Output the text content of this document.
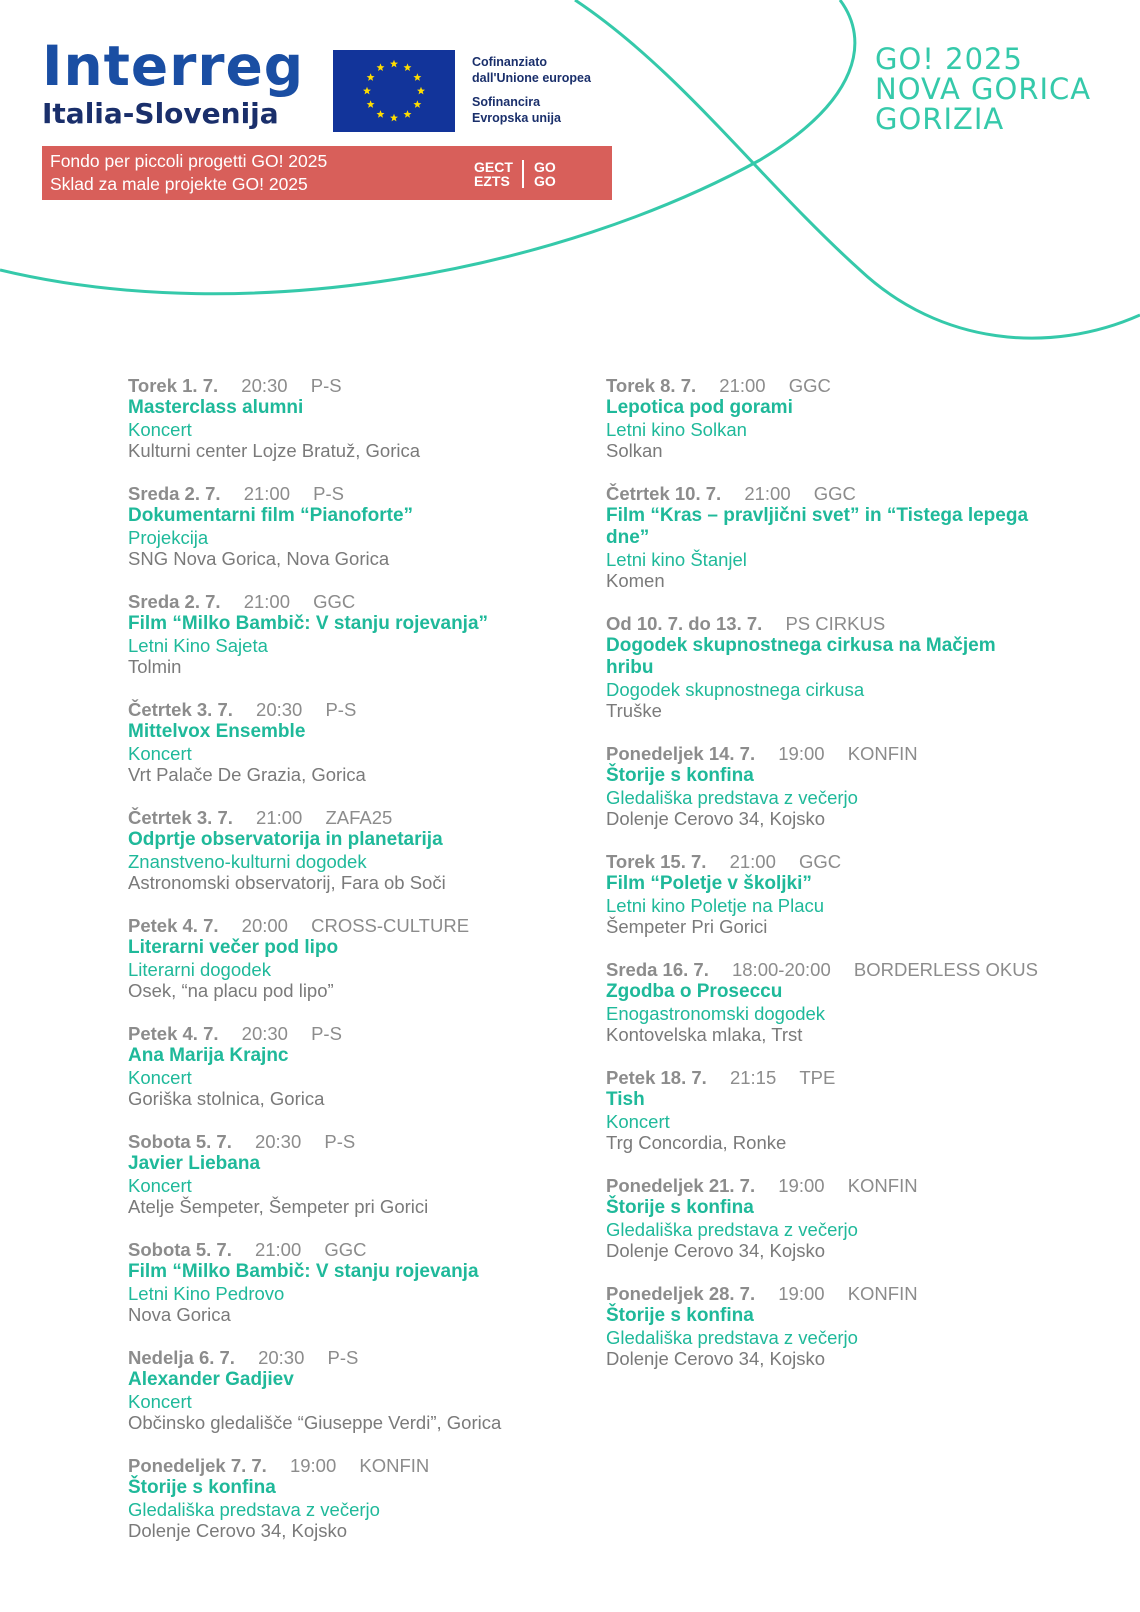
Interreg
Italia-Slovenija
Cofinanziato
dall'Unione europea
Sofinancira
Evropska unija
Fondo per piccoli progetti GO! 2025
Sklad za male projekte GO! 2025
GECT
EZTS
GO
GO
GO! 2025
NOVA GORICA
GORIZIA
Torek 1. 7. 20:30 P-S
Masterclass alumni
Koncert
Kulturni center Lojze Bratuž, Gorica
Sreda 2. 7. 21:00 P-S
Dokumentarni film “Pianoforte”
Projekcija
SNG Nova Gorica, Nova Gorica
Sreda 2. 7. 21:00 GGC
Film “Milko Bambič: V stanju rojevanja”
Letni Kino Sajeta
Tolmin
Četrtek 3. 7. 20:30 P-S
Mittelvox Ensemble
Koncert
Vrt Palače De Grazia, Gorica
Četrtek 3. 7. 21:00 ZAFA25
Odprtje observatorija in planetarija
Znanstveno-kulturni dogodek
Astronomski observatorij, Fara ob Soči
Petek 4. 7. 20:00 CROSS-CULTURE
Literarni večer pod lipo
Literarni dogodek
Osek, “na placu pod lipo”
Petek 4. 7. 20:30 P-S
Ana Marija Krajnc
Koncert
Goriška stolnica, Gorica
Sobota 5. 7. 20:30 P-S
Javier Liebana
Koncert
Atelje Šempeter, Šempeter pri Gorici
Sobota 5. 7. 21:00 GGC
Film “Milko Bambič: V stanju rojevanja
Letni Kino Pedrovo
Nova Gorica
Nedelja 6. 7. 20:30 P-S
Alexander Gadjiev
Koncert
Občinsko gledališče “Giuseppe Verdi”, Gorica
Ponedeljek 7. 7. 19:00 KONFIN
Štorije s konfina
Gledališka predstava z večerjo
Dolenje Cerovo 34, Kojsko
Torek 8. 7. 21:00 GGC
Lepotica pod gorami
Letni kino Solkan
Solkan
Četrtek 10. 7. 21:00 GGC
Film “Kras – pravljični svet” in “Tistega lepega dne”
Letni kino Štanjel
Komen
Od 10. 7. do 13. 7. PS CIRKUS
Dogodek skupnostnega cirkusa na Mačjem hribu
Dogodek skupnostnega cirkusa
Truške
Ponedeljek 14. 7. 19:00 KONFIN
Štorije s konfina
Gledališka predstava z večerjo
Dolenje Cerovo 34, Kojsko
Torek 15. 7. 21:00 GGC
Film “Poletje v školjki”
Letni kino Poletje na Placu
Šempeter Pri Gorici
Sreda 16. 7. 18:00-20:00 BORDERLESS OKUS
Zgodba o Proseccu
Enogastronomski dogodek
Kontovelska mlaka, Trst
Petek 18. 7. 21:15 TPE
Tish
Koncert
Trg Concordia, Ronke
Ponedeljek 21. 7. 19:00 KONFIN
Štorije s konfina
Gledališka predstava z večerjo
Dolenje Cerovo 34, Kojsko
Ponedeljek 28. 7. 19:00 KONFIN
Štorije s konfina
Gledališka predstava z večerjo
Dolenje Cerovo 34, Kojsko
